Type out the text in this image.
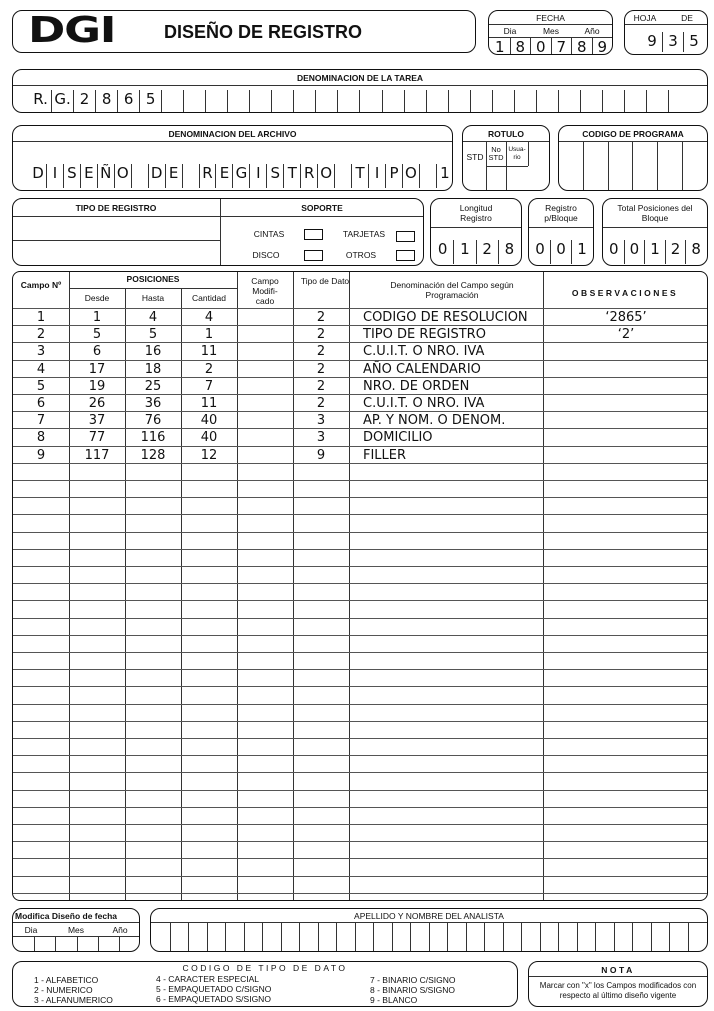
DGI	DISEÑO DE REGISTRO
FECHA
Dia	Mes	Año
1 8 0 7 8 9
HOJA	DE
9 3 5
DENOMINACION DE LA TAREA
R. G. 2 8 6 5
DENOMINACION DEL ARCHIVO
D I S E Ñ O D E R E G I S T R O T I P O 1
ROTULO
STD
No STD
Usua- rio
CODIGO DE PROGRAMA
TIPO DE REGISTRO	SOPORTE
CINTAS	TARJETAS
DISCO	OTROS
Longitud Registro
0 1 2 8
Registro p/Bloque
0 0 1
Total Posiciones del Bloque
0 0 1 2 8
Campo Nº
POSICIONES
Desde	Hasta	Cantidad
Campo Modifi- cado
Tipo de Dato	Denominación del Campo según Programación	OBSERVACIONES
1	1	4	4	2	CODIGO DE RESOLUCION	‘2865’
2	5	5	1	2	TIPO DE REGISTRO	‘2’
3	6	16	11	2	C.U.I.T. O NRO. IVA
4	17	18	2	2	AÑO CALENDARIO
5	19	25	7	2	NRO. DE ORDEN
6	26	36	11	2	C.U.I.T. O NRO. IVA
7	37	76	40	3	AP. Y NOM. O DENOM.
8	77	116	40	3	DOMICILIO
9	117	128	12	9	FILLER
Modifica Diseño de fecha
Dia	Mes	Año
APELLIDO Y NOMBRE DEL ANALISTA
CODIGO DE TIPO DE DATO
1 - ALFABETICO
2 - NUMERICO
3 - ALFANUMERICO
4 - CARACTER ESPECIAL
5 - EMPAQUETADO C/SIGNO
6 - EMPAQUETADO S/SIGNO
7 - BINARIO C/SIGNO
8 - BINARIO S/SIGNO
9 - BLANCO
NOTA
Marcar con "x" los Campos modificados con respecto al último diseño vigente
